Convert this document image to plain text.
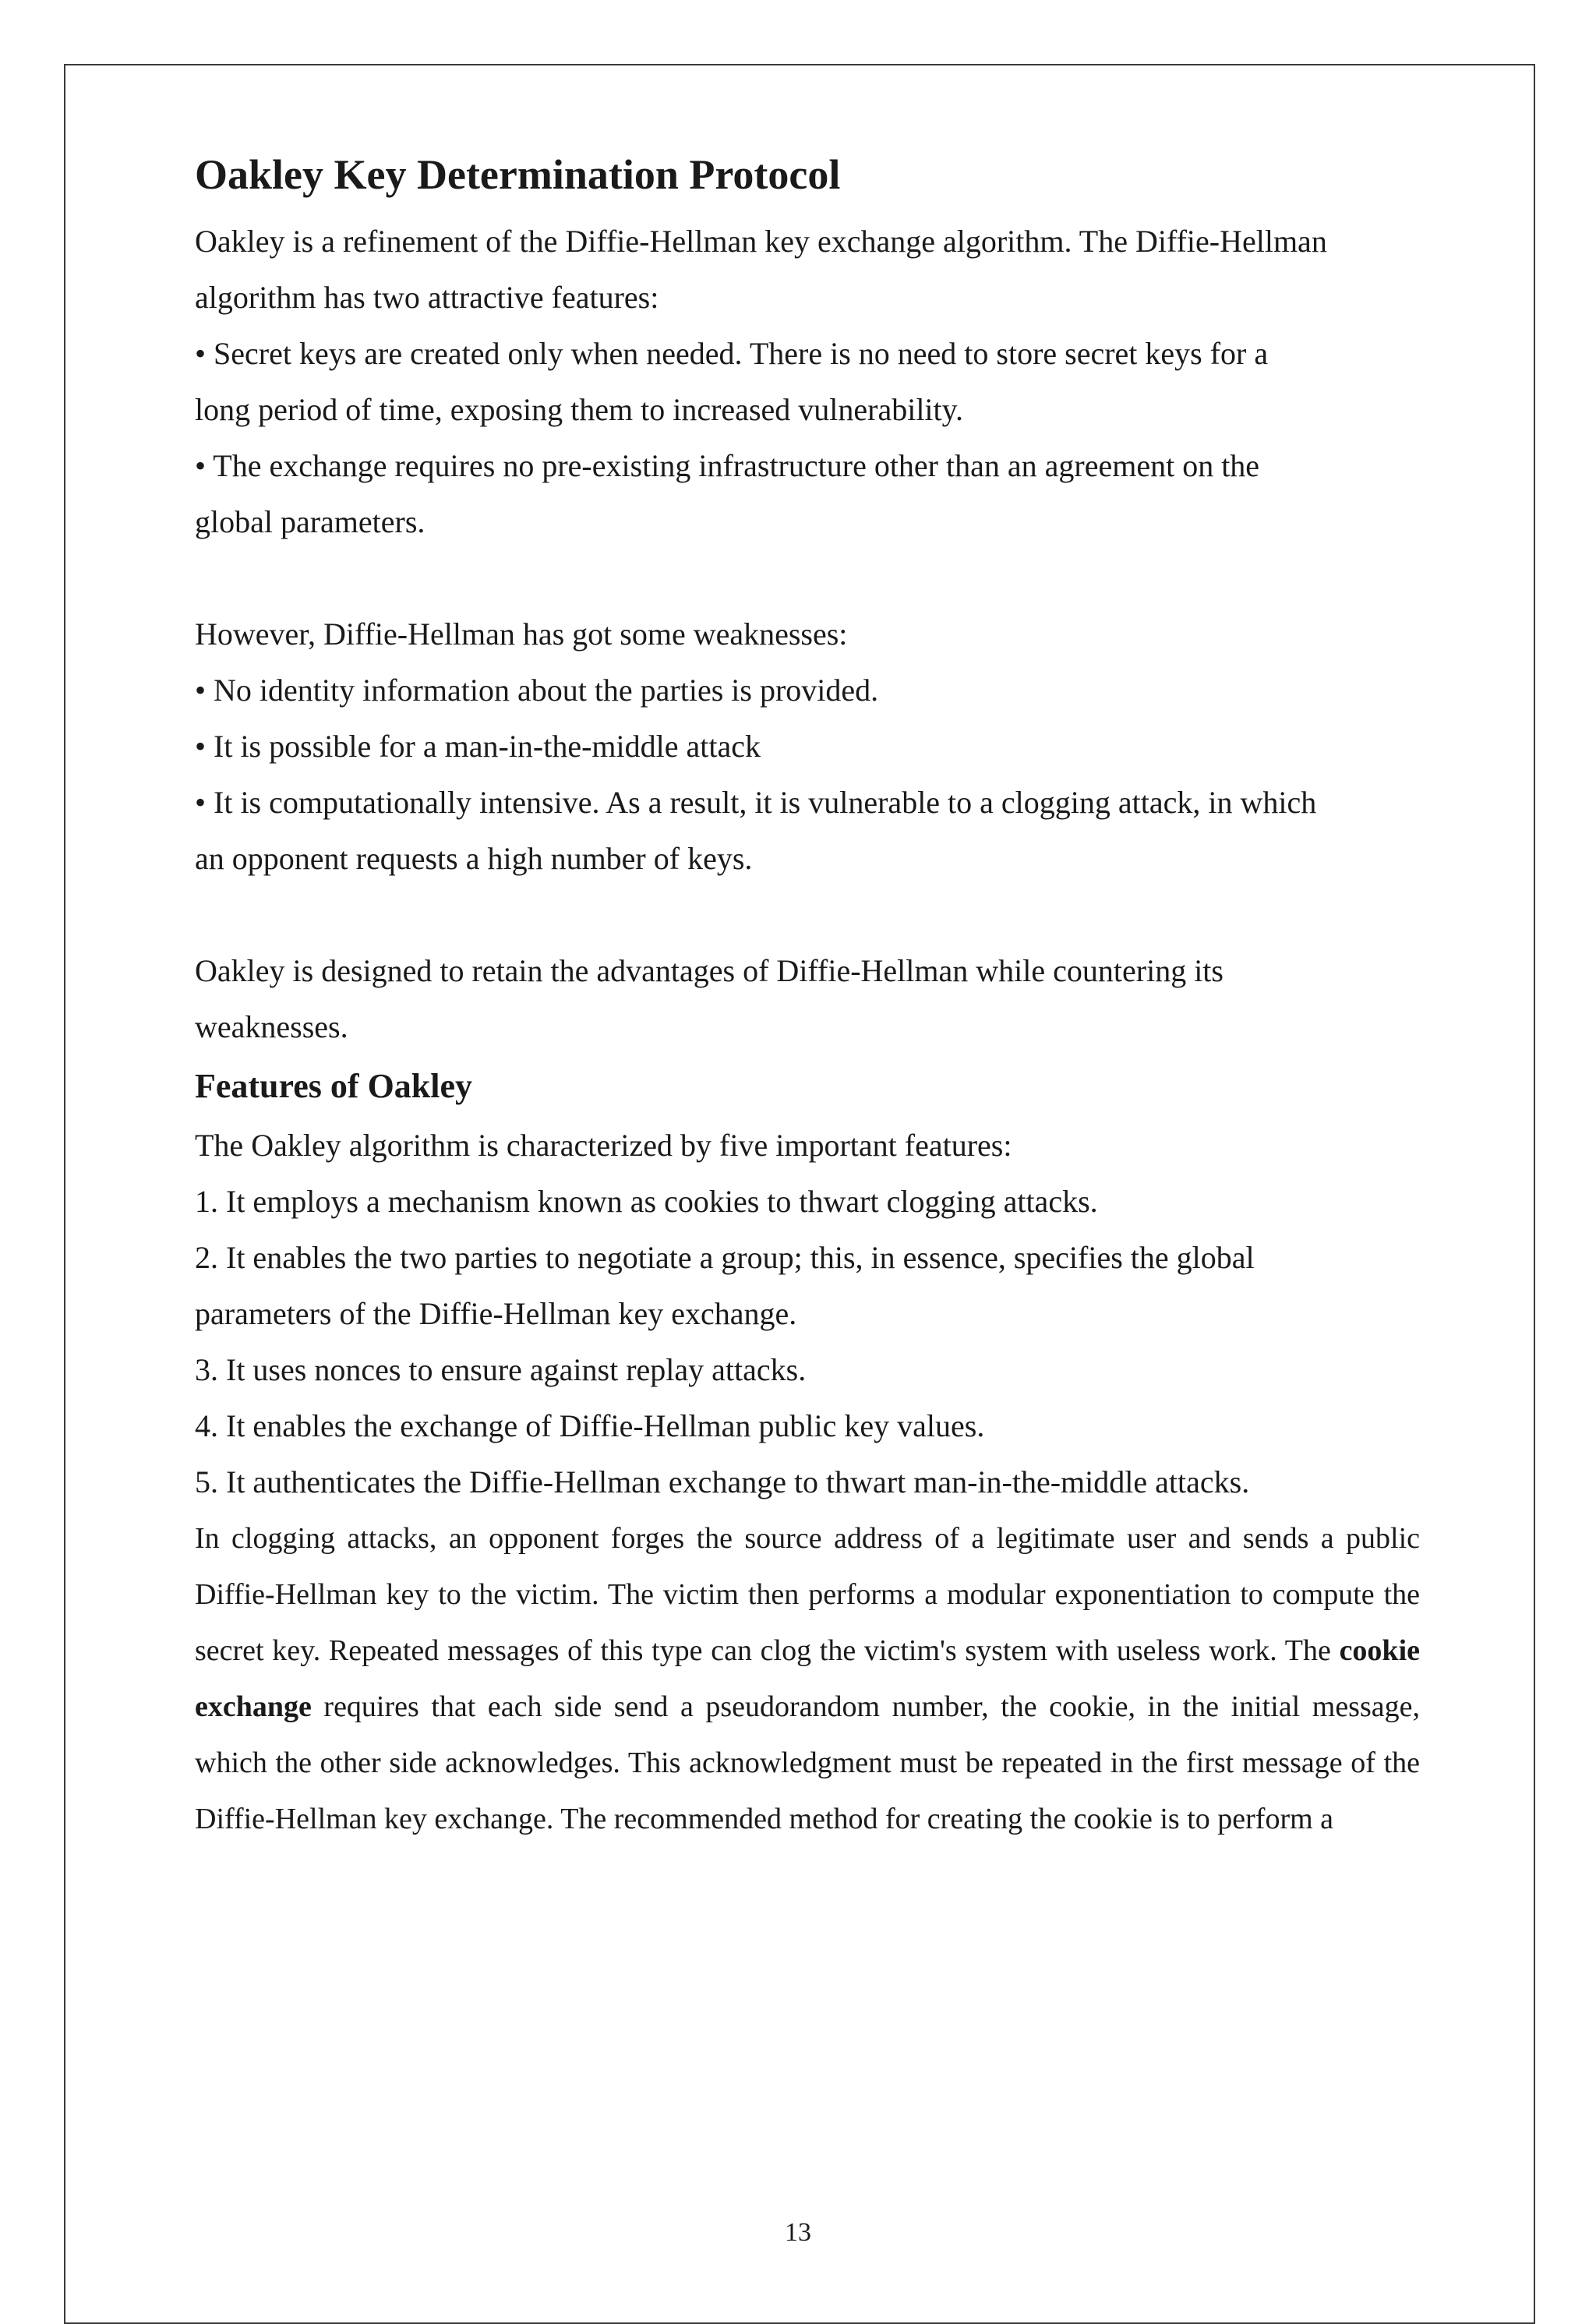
Oakley Key Determination Protocol

Oakley is a refinement of the Diffie-Hellman key exchange algorithm. The Diffie-Hellman

algorithm has two attractive features:

• Secret keys are created only when needed. There is no need to store secret keys for a

long period of time, exposing them to increased vulnerability.

• The exchange requires no pre-existing infrastructure other than an agreement on the

global parameters.

However, Diffie-Hellman has got some weaknesses:

• No identity information about the parties is provided.

• It is possible for a man-in-the-middle attack

• It is computationally intensive. As a result, it is vulnerable to a clogging attack, in which

an opponent requests a high number of keys.

Oakley is designed to retain the advantages of Diffie-Hellman while countering its

weaknesses.

Features of Oakley

The Oakley algorithm is characterized by five important features:

1. It employs a mechanism known as cookies to thwart clogging attacks.

2. It enables the two parties to negotiate a group; this, in essence, specifies the global

parameters of the Diffie-Hellman key exchange.

3. It uses nonces to ensure against replay attacks.

4. It enables the exchange of Diffie-Hellman public key values.

5. It authenticates the Diffie-Hellman exchange to thwart man-in-the-middle attacks.

In clogging attacks, an opponent forges the source address of a legitimate user and sends a public Diffie-Hellman key to the victim. The victim then performs a modular exponentiation to compute the secret key. Repeated messages of this type can clog the victim's system with useless work. The cookie exchange requires that each side send a pseudorandom number, the cookie, in the initial message, which the other side acknowledges. This acknowledgment must be repeated in the first message of the Diffie-Hellman key exchange. The recommended method for creating the cookie is to perform a

13
